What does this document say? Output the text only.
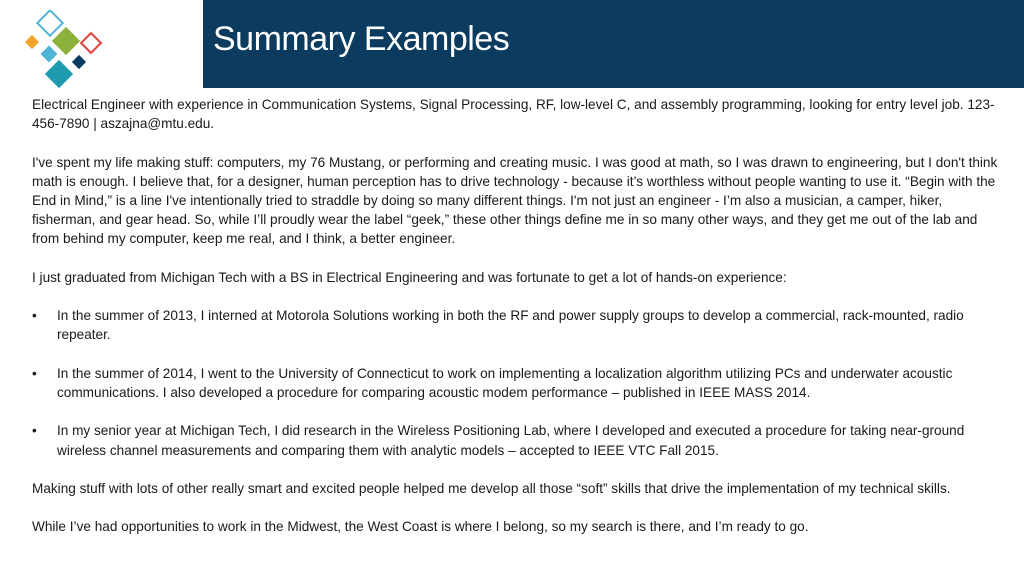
Summary Examples

Electrical Engineer with experience in Communication Systems, Signal Processing, RF, low-level C, and assembly programming, looking for entry level job. 123-456-7890 | aszajna@mtu.edu.

I've spent my life making stuff: computers, my 76 Mustang, or performing and creating music. I was good at math, so I was drawn to engineering, but I don't think math is enough. I believe that, for a designer, human perception has to drive technology - because it’s worthless without people wanting to use it. “Begin with the End in Mind,” is a line I've intentionally tried to straddle by doing so many different things. I'm not just an engineer - I’m also a musician, a camper, hiker, fisherman, and gear head. So, while I’ll proudly wear the label “geek,” these other things define me in so many other ways, and they get me out of the lab and from behind my computer, keep me real, and I think, a better engineer.

I just graduated from Michigan Tech with a BS in Electrical Engineering and was fortunate to get a lot of hands-on experience:

• In the summer of 2013, I interned at Motorola Solutions working in both the RF and power supply groups to develop a commercial, rack-mounted, radio repeater.
• In the summer of 2014, I went to the University of Connecticut to work on implementing a localization algorithm utilizing PCs and underwater acoustic communications. I also developed a procedure for comparing acoustic modem performance – published in IEEE MASS 2014.
• In my senior year at Michigan Tech, I did research in the Wireless Positioning Lab, where I developed and executed a procedure for taking near-ground wireless channel measurements and comparing them with analytic models – accepted to IEEE VTC Fall 2015.

Making stuff with lots of other really smart and excited people helped me develop all those “soft” skills that drive the implementation of my technical skills.

While I’ve had opportunities to work in the Midwest, the West Coast is where I belong, so my search is there, and I’m ready to go.
